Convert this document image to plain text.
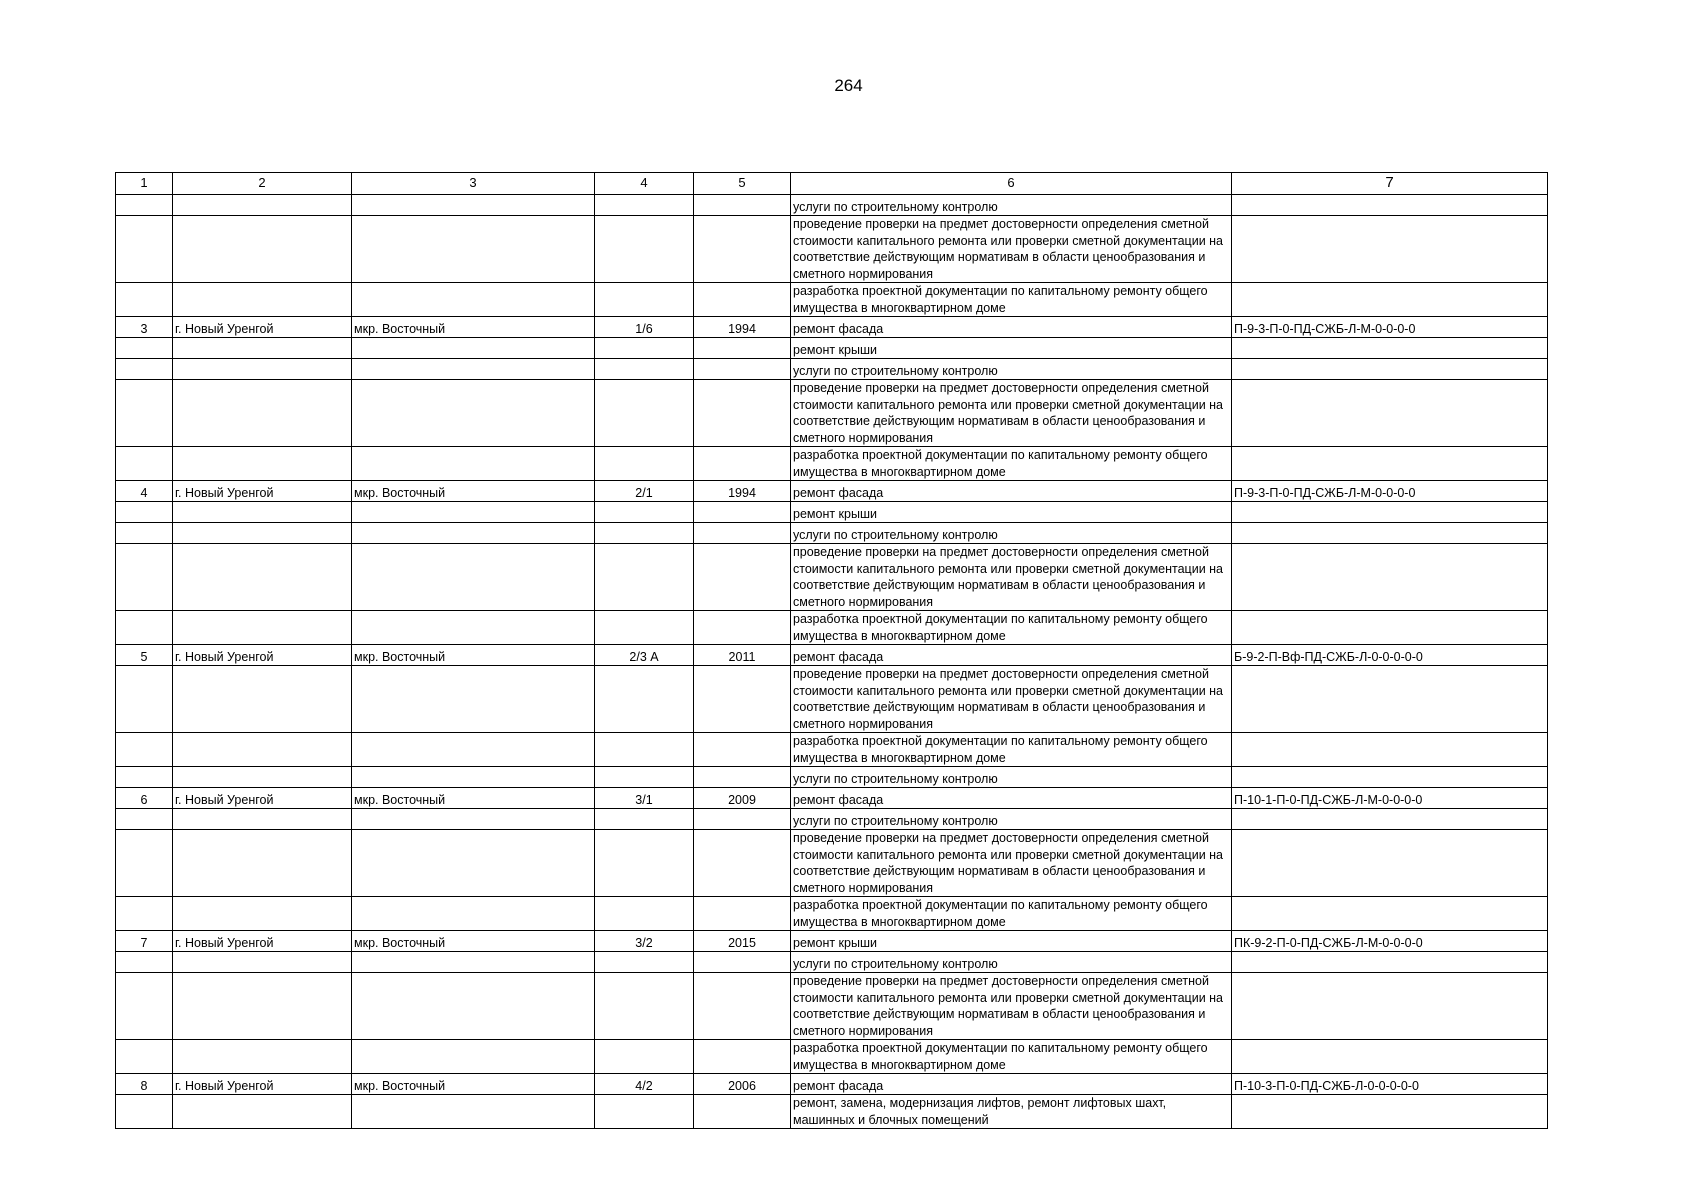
264
1	2	3	4	5	6	7
					услуги по строительному контролю	
					проведение проверки на предмет достоверности определения сметной стоимости капитального ремонта или проверки сметной документации на соответствие действующим нормативам в области ценообразования и сметного нормирования	
					разработка проектной документации по капитальному ремонту общего имущества в многоквартирном доме	
3	г. Новый Уренгой	мкр. Восточный	1/6	1994	ремонт фасада	П-9-3-П-0-ПД-СЖБ-Л-М-0-0-0-0
					ремонт крыши	
					услуги по строительному контролю	
					проведение проверки на предмет достоверности определения сметной стоимости капитального ремонта или проверки сметной документации на соответствие действующим нормативам в области ценообразования и сметного нормирования	
					разработка проектной документации по капитальному ремонту общего имущества в многоквартирном доме	
4	г. Новый Уренгой	мкр. Восточный	2/1	1994	ремонт фасада	П-9-3-П-0-ПД-СЖБ-Л-М-0-0-0-0
					ремонт крыши	
					услуги по строительному контролю	
					проведение проверки на предмет достоверности определения сметной стоимости капитального ремонта или проверки сметной документации на соответствие действующим нормативам в области ценообразования и сметного нормирования	
					разработка проектной документации по капитальному ремонту общего имущества в многоквартирном доме	
5	г. Новый Уренгой	мкр. Восточный	2/3 А	2011	ремонт фасада	Б-9-2-П-Вф-ПД-СЖБ-Л-0-0-0-0-0
					проведение проверки на предмет достоверности определения сметной стоимости капитального ремонта или проверки сметной документации на соответствие действующим нормативам в области ценообразования и сметного нормирования	
					разработка проектной документации по капитальному ремонту общего имущества в многоквартирном доме	
					услуги по строительному контролю	
6	г. Новый Уренгой	мкр. Восточный	3/1	2009	ремонт фасада	П-10-1-П-0-ПД-СЖБ-Л-М-0-0-0-0
					услуги по строительному контролю	
					проведение проверки на предмет достоверности определения сметной стоимости капитального ремонта или проверки сметной документации на соответствие действующим нормативам в области ценообразования и сметного нормирования	
					разработка проектной документации по капитальному ремонту общего имущества в многоквартирном доме	
7	г. Новый Уренгой	мкр. Восточный	3/2	2015	ремонт крыши	ПК-9-2-П-0-ПД-СЖБ-Л-М-0-0-0-0
					услуги по строительному контролю	
					проведение проверки на предмет достоверности определения сметной стоимости капитального ремонта или проверки сметной документации на соответствие действующим нормативам в области ценообразования и сметного нормирования	
					разработка проектной документации по капитальному ремонту общего имущества в многоквартирном доме	
8	г. Новый Уренгой	мкр. Восточный	4/2	2006	ремонт фасада	П-10-3-П-0-ПД-СЖБ-Л-0-0-0-0-0
					ремонт, замена, модернизация лифтов, ремонт лифтовых шахт, машинных и блочных помещений	
